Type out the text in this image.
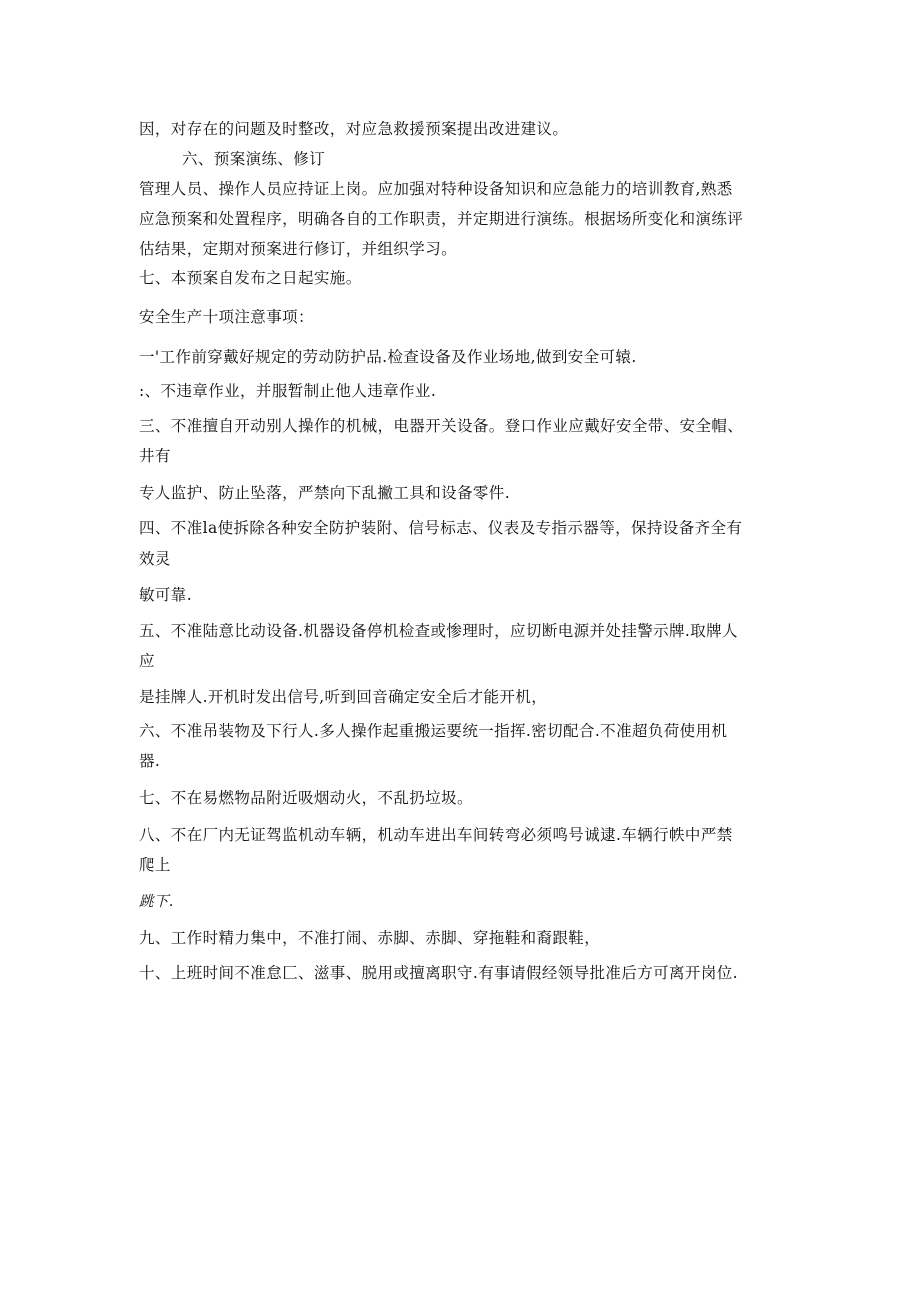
因，对存在的问题及时整改，对应急救援预案提出改进建议。
六、预案演练、修订
管理人员、操作人员应持证上岗。应加强对特种设备知识和应急能力的培训教育,熟悉
应急预案和处置程序，明确各自的工作职责，并定期进行演练。根据场所变化和演练评
估结果，定期对预案进行修订，并组织学习。
七、本预案自发布之日起实施。
安全生产十项注意事项：
一'工作前穿戴好规定的劳动防护品.检查设备及作业场地,做到安全可辕.
:、不违章作业，并服暂制止他人违章作业.
三、不准擅自开动别人操作的机械，电器开关设备。登口作业应戴好安全带、安全帽、
井有
专人监护、防止坠落，严禁向下乱撇工具和设备零件.
四、不准la使拆除各种安全防护装附、信号标志、仪表及专指示器等，保持设备齐全有
效灵
敏可靠.
五、不准陆意比动设备.机器设备停机检查或惨理时，应切断电源并处挂警示牌.取牌人
应
是挂牌人.开机时发出信号,听到回音确定安全后才能开机，
六、不准吊装物及下行人.多人操作起重搬运要统一指挥.密切配合.不准超负荷使用机
器.
七、不在易燃物品附近吸烟动火，不乱扔垃圾。
八、不在厂内无证驾监机动车辆，机动车进出车间转弯必须鸣号诚逮.车辆行帙中严禁
爬上
跳下.
九、工作时精力集中，不准打闹、赤脚、赤脚、穿拖鞋和裔跟鞋，
十、上班时间不准怠匚、滋事、脱用或擅离职守.有事请假经领导批准后方可离开岗位.
